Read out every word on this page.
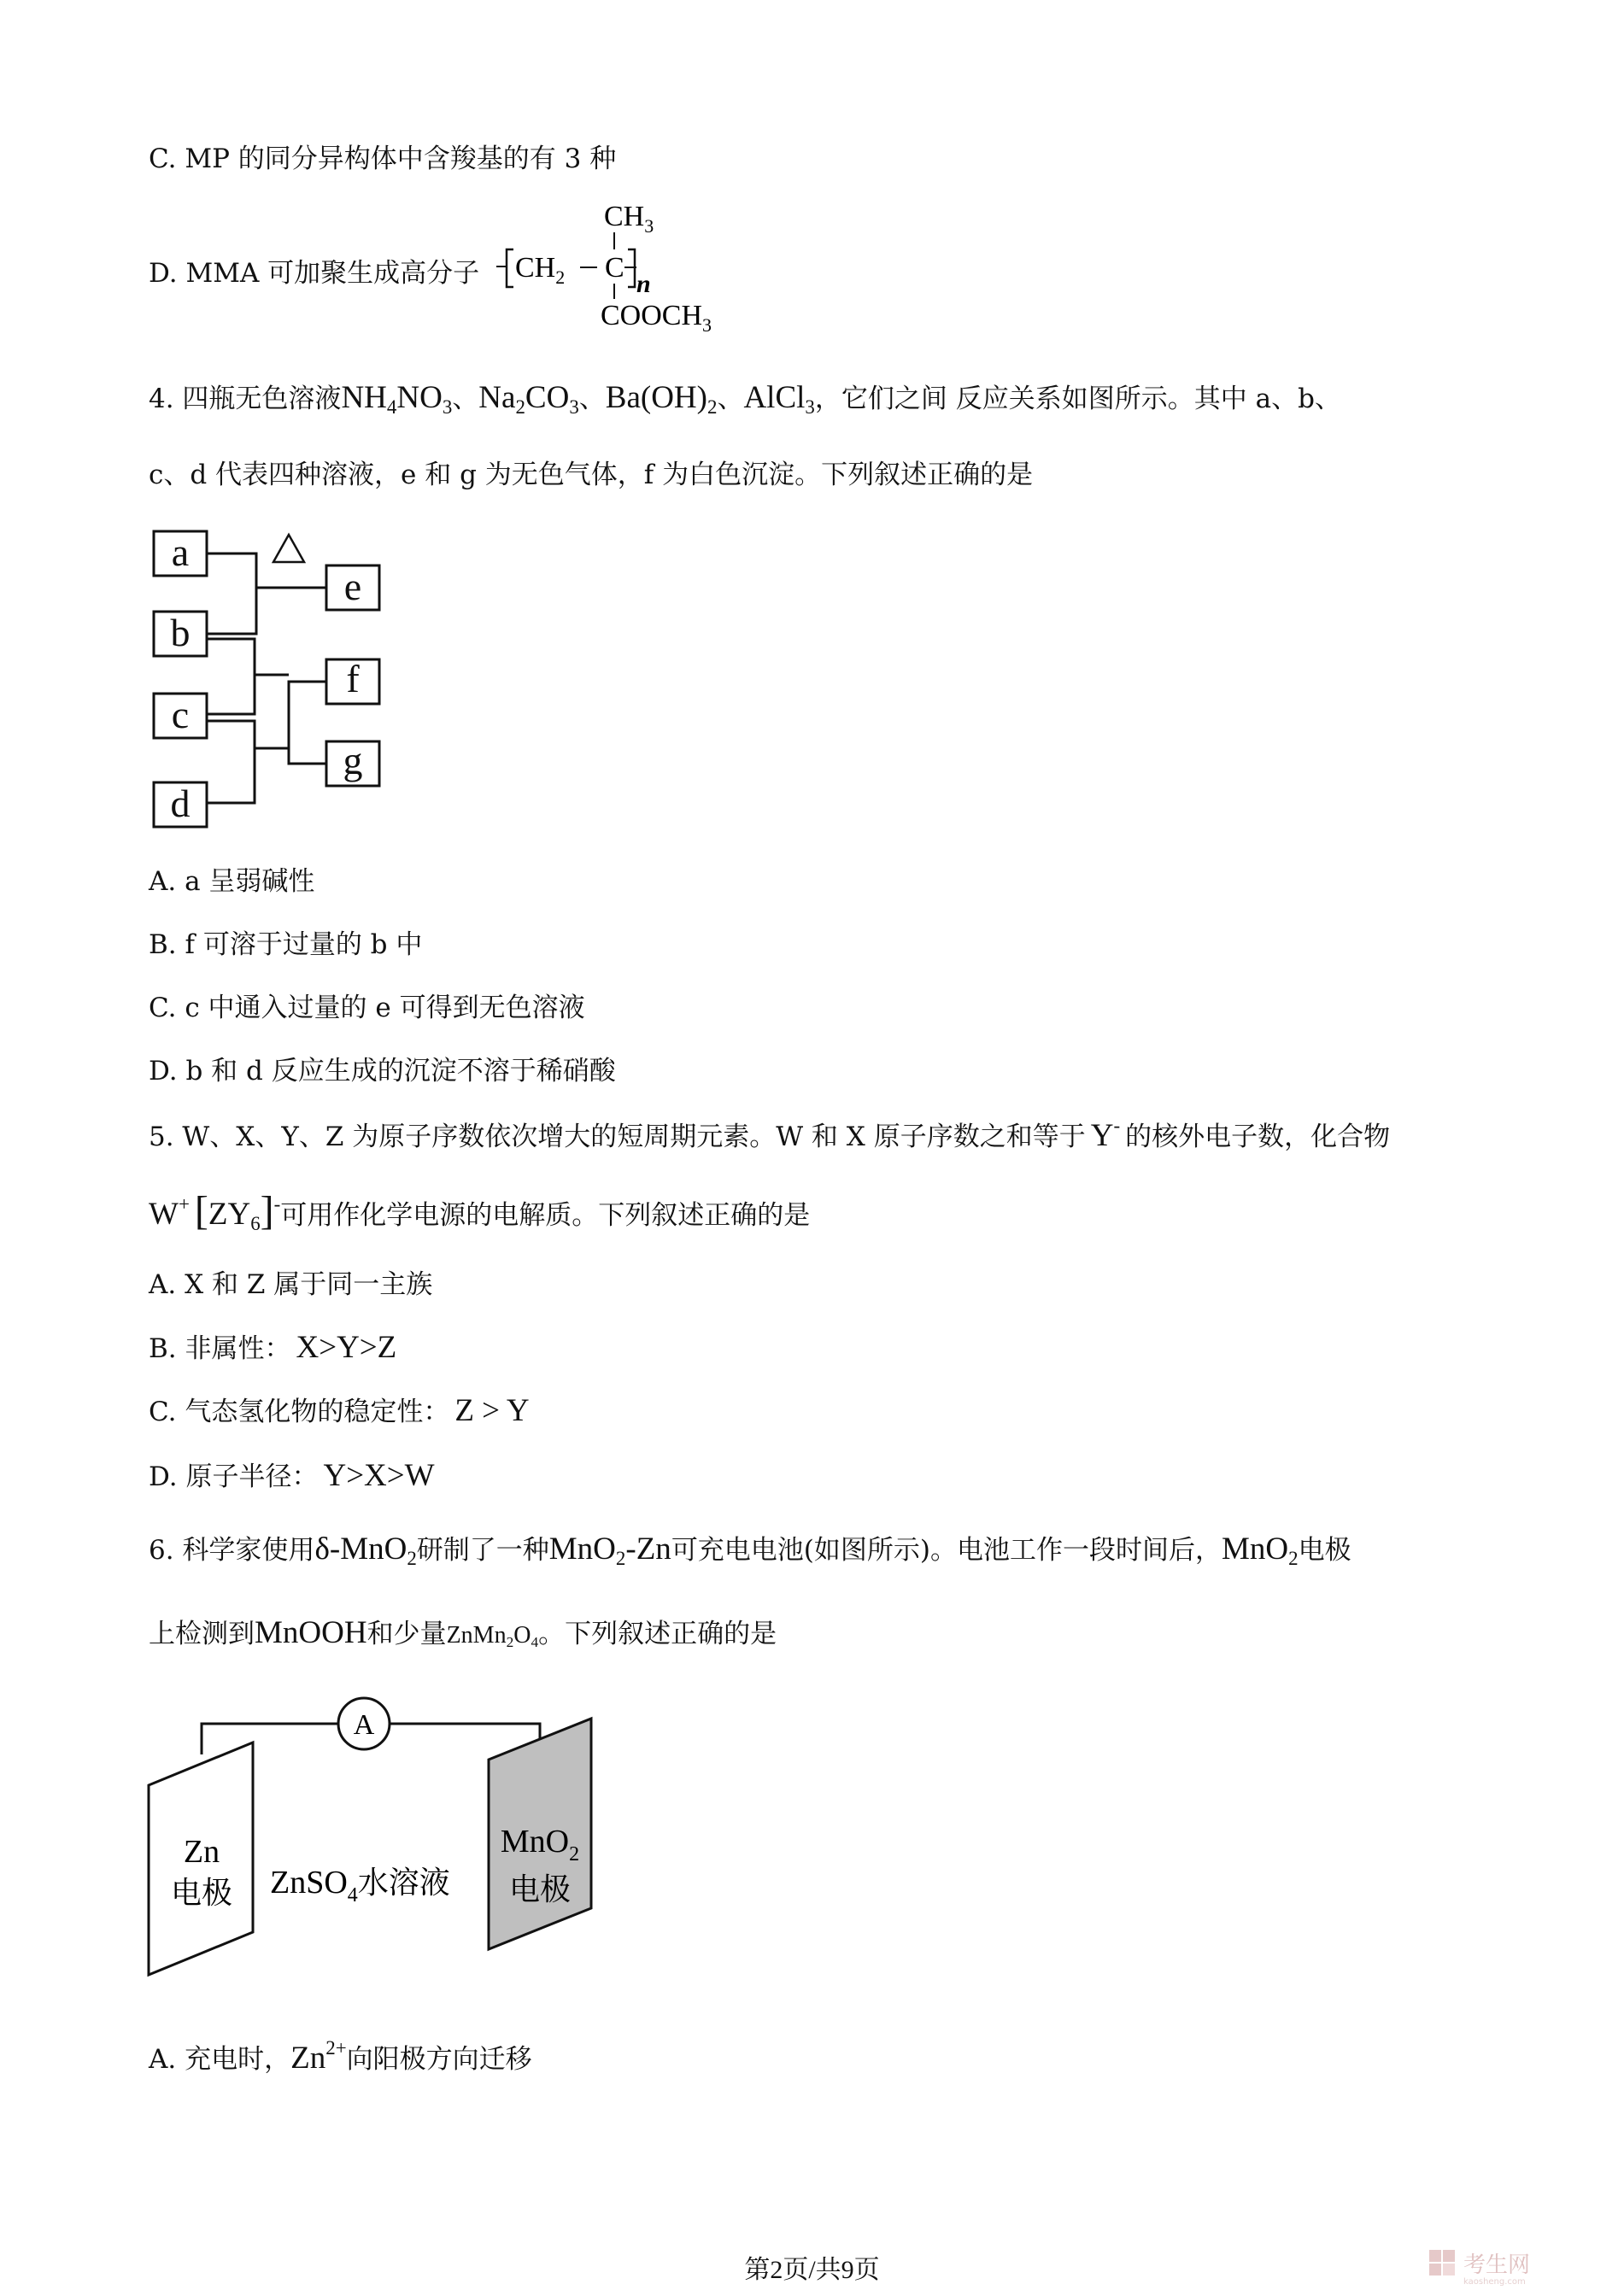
C. MP 的同分异构体中含羧基的有 3 种
D. MMA 可加聚生成高分子
$CH_3$
$CH_2$ C
n
$COOCH_3$
4. 四瓶无色溶液$NH_4NO_3$、$Na_2CO_3$、$Ba(OH)_2$、AlCl$_3$，它们之间 反应关系如图所示。其中 a、b、
c、d 代表四种溶液，e 和 g 为无色气体，f 为白色沉淀。下列叙述正确的是
a
b
c
d
e
f
g
A. a 呈弱碱性
B. f 可溶于过量的 b 中
C. c 中通入过量的 e 可得到无色溶液
D. b 和 d 反应生成的沉淀不溶于稀硝酸
5. W、X、Y、Z 为原子序数依次增大的短周期元素。W 和 X 原子序数之和等于 Y- 的核外电子数，化合物
W+ $[ZY_6]^-$可用作化学电源的电解质。下列叙述正确的是
A. X 和 Z 属于同一主族
B. 非属性： X>Y>Z
C. 气态氢化物的稳定性： Z > Y
D. 原子半径： Y>X>W
6. 科学家使用δ-MnO$_2$研制了一种MnO$_2$-Zn可充电电池(如图所示)。电池工作一段时间后，MnO$_2$电极
上检测到MnOOH和少量$ZnMn_2O_4$。下列叙述正确的是
A
Zn
电极
MnO$_2$
电极
ZnSO$_4$水溶液
A. 充电时，$Zn^{2+}$向阳极方向迁移
第2页/共9页	考生网
kaosheng.com
